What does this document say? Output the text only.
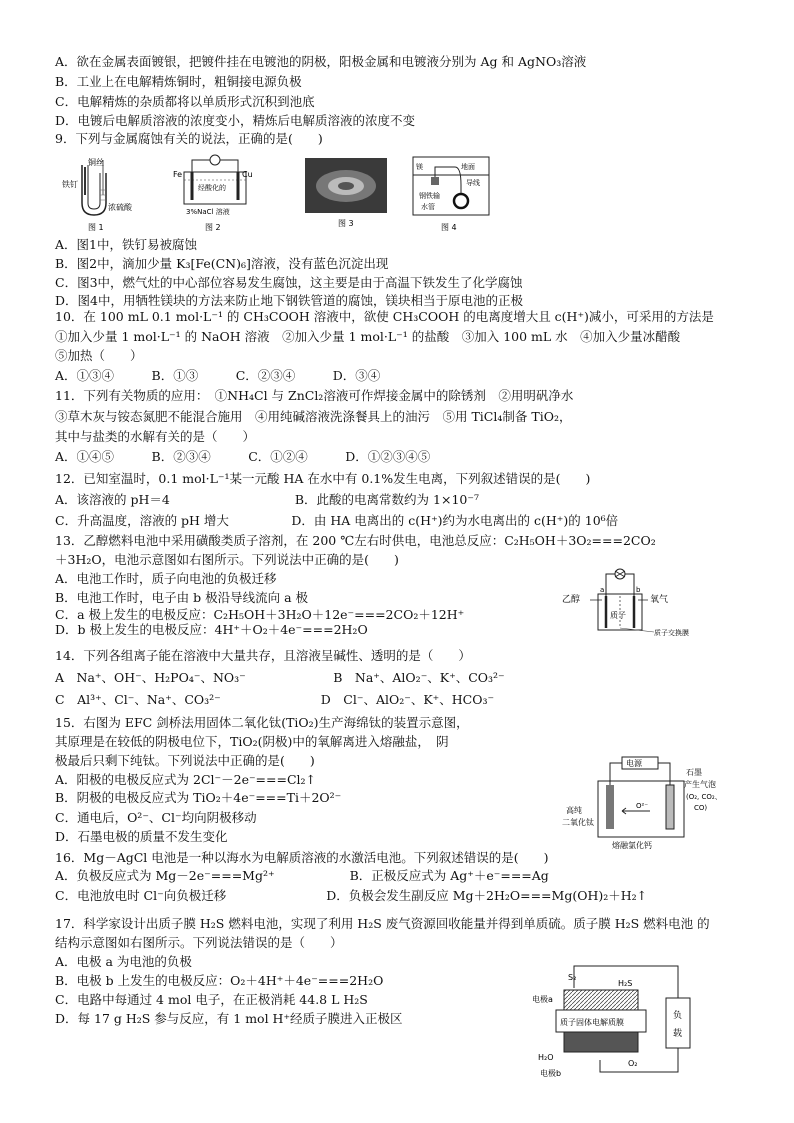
A．欲在金属表面镀银，把镀件挂在电镀池的阴极，阳极金属和电镀液分别为 Ag 和 AgNO₃溶液
B．工业上在电解精炼铜时，粗铜接电源负极
C．电解精炼的杂质都将以单质形式沉积到池底
D．电镀后电解质溶液的浓度变小，精炼后电解质溶液的浓度不变
9．下列与金属腐蚀有关的说法，正确的是(　　)
铜丝
铁钉
浓硫酸
图 1
Fe	Cu
经酸化的
3%NaCl 溶液
图 2	图 3
镁	地面
导线
钢铁输
水管
图 4
A．图1中，铁钉易被腐蚀
B．图2中，滴加少量 K₃[Fe(CN)₆]溶液，没有蓝色沉淀出现
C．图3中，燃气灶的中心部位容易发生腐蚀，这主要是由于高温下铁发生了化学腐蚀
D．图4中，用牺牲镁块的方法来防止地下钢铁管道的腐蚀，镁块相当于原电池的正极
10．在 100 mL 0.1 mol·L⁻¹ 的 CH₃COOH 溶液中，欲使 CH₃COOH 的电离度增大且 c(H⁺)减小，可采用的方法是
①加入少量 1 mol·L⁻¹ 的 NaOH 溶液　②加入少量 1 mol·L⁻¹ 的盐酸　③加入 100 mL 水　④加入少量冰醋酸
⑤加热（　　）
A．①③④　　　B．①③　　　C．②③④　　　D．③④
11．下列有关物质的应用：　①NH₄Cl 与 ZnCl₂溶液可作焊接金属中的除锈剂　②用明矾净水
③草木灰与铵态氮肥不能混合施用　④用纯碱溶液洗涤餐具上的油污　⑤用 TiCl₄制备 TiO₂，
其中与盐类的水解有关的是（　　）
A．①④⑤　　　B．②③④　　　C．①②④　　　D．①②③④⑤
12．已知室温时，0.1 mol·L⁻¹某一元酸 HA 在水中有 0.1%发生电离，下列叙述错误的是(　　)
A．该溶液的 pH＝4　　　　　　　　　　B．此酸的电离常数约为 1×10⁻⁷
C．升高温度，溶液的 pH 增大　　　　　D．由 HA 电离出的 c(H⁺)约为水电离出的 c(H⁺)的 10⁶倍
13．乙醇燃料电池中采用磺酸类质子溶剂，在 200 ℃左右时供电，电池总反应：C₂H₅OH＋3O₂===2CO₂
＋3H₂O，电池示意图如右图所示。下列说法中正确的是(　　)
A．电池工作时，质子向电池的负极迁移
B．电池工作时，电子由 b 极沿导线流向 a 极
C．a 极上发生的电极反应：C₂H₅OH＋3H₂O＋12e⁻===2CO₂＋12H⁺
D．b 极上发生的电极反应：4H⁺＋O₂＋4e⁻===2H₂O
乙醇	氧气
质子
a	b
质子交换膜
14．下列各组离子能在溶液中大量共存，且溶液呈碱性、透明的是（　　）
A　Na⁺、OH⁻、H₂PO₄⁻、NO₃⁻　　　　　　　B　Na⁺、AlO₂⁻、K⁺、CO₃²⁻
C　Al³⁺、Cl⁻、Na⁺、CO₃²⁻　　　　　　　　D　Cl⁻、AlO₂⁻、K⁺、HCO₃⁻
15．右图为 EFC 剑桥法用固体二氧化钛(TiO₂)生产海绵钛的装置示意图，
其原理是在较低的阴极电位下，TiO₂(阴极)中的氧解离进入熔融盐，　阴
极最后只剩下纯钛。下列说法中正确的是(　　)
A．阳极的电极反应式为 2Cl⁻－2e⁻===Cl₂↑
B．阴极的电极反应式为 TiO₂＋4e⁻===Ti＋2O²⁻
C．通电后，O²⁻、Cl⁻均向阴极移动
D．石墨电极的质量不发生变化
电源
石墨
产生气泡
(O₂, CO₂、
CO)
高纯
二氧化钛
O²⁻
熔融氯化钙
16．Mg－AgCl 电池是一种以海水为电解质溶液的水激活电池。下列叙述错误的是(　　)
A．负极反应式为 Mg－2e⁻===Mg²⁺　　　　　　B．正极反应式为 Ag⁺＋e⁻===Ag
C．电池放电时 Cl⁻向负极迁移　　　　　　　　D．负极会发生副反应 Mg＋2H₂O===Mg(OH)₂＋H₂↑
17．科学家设计出质子膜 H₂S 燃料电池，实现了利用 H₂S 废气资源回收能量并得到单质硫。质子膜 H₂S 燃料电池 的
结构示意图如右图所示。下列说法错误的是（　　）
A．电极 a 为电池的负极
B．电极 b 上发生的电极反应：O₂＋4H⁺＋4e⁻===2H₂O
C．电路中每通过 4 mol 电子，在正极消耗 44.8 L H₂S
D．每 17 g H₂S 参与反应，有 1 mol H⁺经质子膜进入正极区
S₂
H₂S
电极a
质子固体电解质膜
负
载
H₂O
O₂
电极b
